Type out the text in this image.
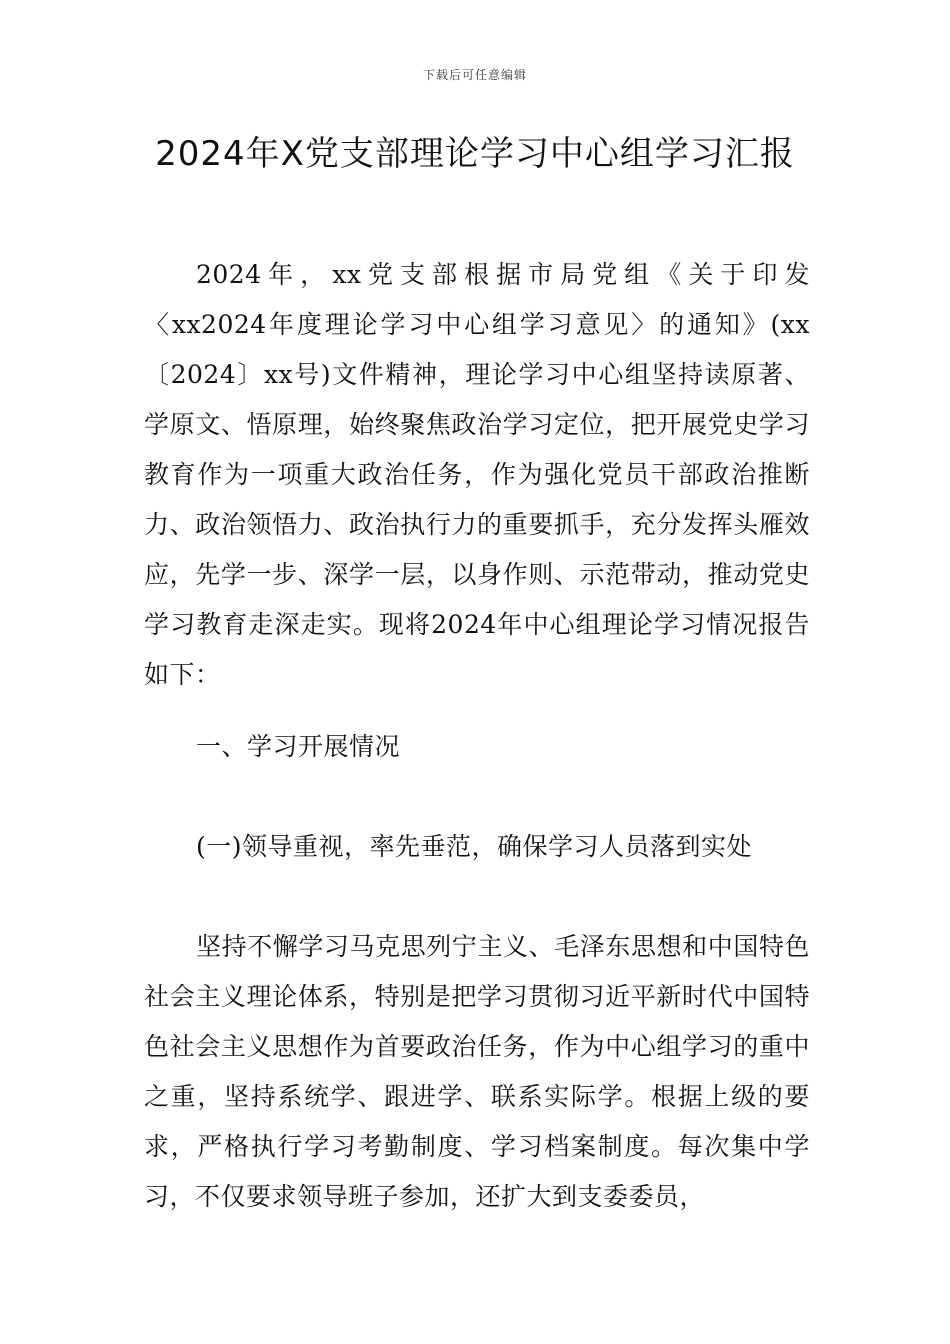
下载后可任意编辑
2024年X党支部理论学习中心组学习汇报

2024年，xx党支部根据市局党组《关于印发〈xx2024年度理论学习中心组学习意见〉的通知》(xx〔2024〕xx号)文件精神，理论学习中心组坚持读原著、学原文、悟原理，始终聚焦政治学习定位，把开展党史学习教育作为一项重大政治任务，作为强化党员干部政治推断力、政治领悟力、政治执行力的重要抓手，充分发挥头雁效应，先学一步、深学一层，以身作则、示范带动，推动党史学习教育走深走实。现将2024年中心组理论学习情况报告如下：

一、学习开展情况

(一)领导重视，率先垂范，确保学习人员落到实处

坚持不懈学习马克思列宁主义、毛泽东思想和中国特色社会主义理论体系，特别是把学习贯彻习近平新时代中国特色社会主义思想作为首要政治任务，作为中心组学习的重中之重，坚持系统学、跟进学、联系实际学。根据上级的要求，严格执行学习考勤制度、学习档案制度。每次集中学习，不仅要求领导班子参加，还扩大到支委委员，
